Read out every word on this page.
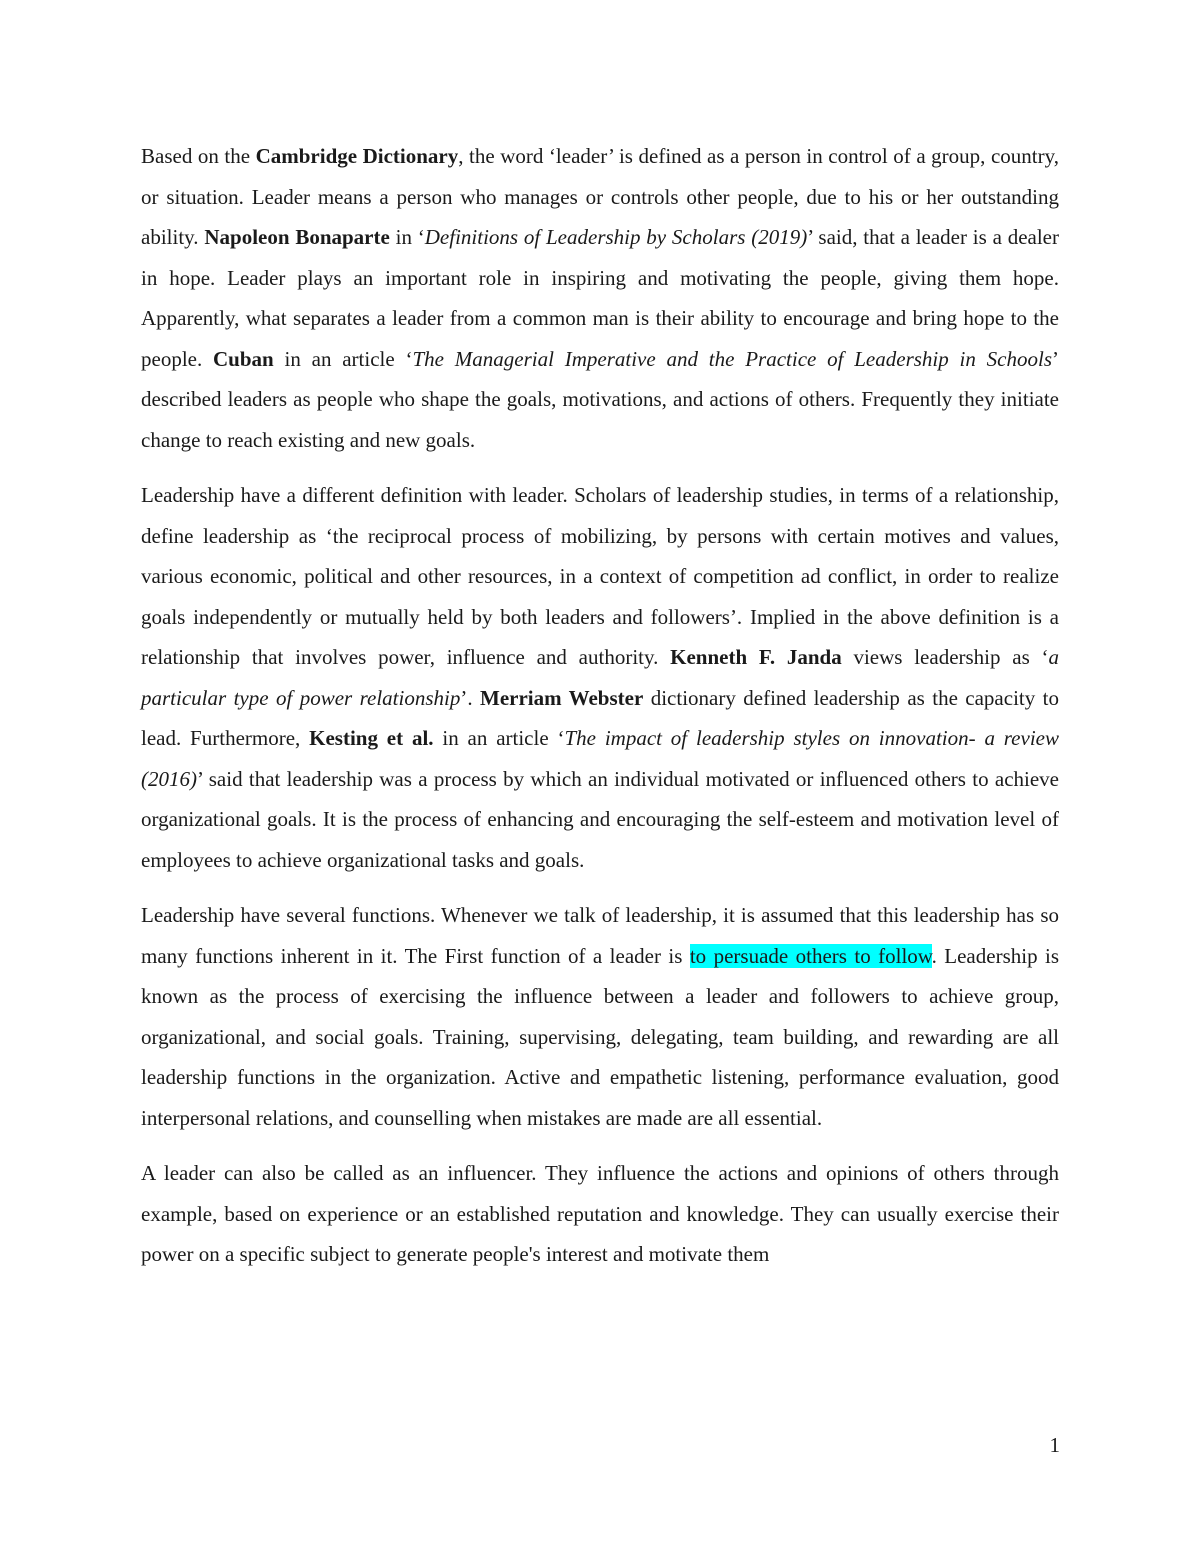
Based on the Cambridge Dictionary, the word ‘leader’ is defined as a person in control of a group, country, or situation. Leader means a person who manages or controls other people, due to his or her outstanding ability. Napoleon Bonaparte in ‘Definitions of Leadership by Scholars (2019)’ said, that a leader is a dealer in hope. Leader plays an important role in inspiring and motivating the people, giving them hope. Apparently, what separates a leader from a common man is their ability to encourage and bring hope to the people. Cuban in an article ‘The Managerial Imperative and the Practice of Leadership in Schools’ described leaders as people who shape the goals, motivations, and actions of others. Frequently they initiate change to reach existing and new goals.

Leadership have a different definition with leader. Scholars of leadership studies, in terms of a relationship, define leadership as ‘the reciprocal process of mobilizing, by persons with certain motives and values, various economic, political and other resources, in a context of competition ad conflict, in order to realize goals independently or mutually held by both leaders and followers’. Implied in the above definition is a relationship that involves power, influence and authority. Kenneth F. Janda views leadership as ‘a particular type of power relationship’. Merriam Webster dictionary defined leadership as the capacity to lead. Furthermore, Kesting et al. in an article ‘The impact of leadership styles on innovation- a review (2016)’ said that leadership was a process by which an individual motivated or influenced others to achieve organizational goals. It is the process of enhancing and encouraging the self-esteem and motivation level of employees to achieve organizational tasks and goals.

Leadership have several functions. Whenever we talk of leadership, it is assumed that this leadership has so many functions inherent in it. The First function of a leader is to persuade others to follow. Leadership is known as the process of exercising the influence between a leader and followers to achieve group, organizational, and social goals. Training, supervising, delegating, team building, and rewarding are all leadership functions in the organization. Active and empathetic listening, performance evaluation, good interpersonal relations, and counselling when mistakes are made are all essential.

A leader can also be called as an influencer. They influence the actions and opinions of others through example, based on experience or an established reputation and knowledge. They can usually exercise their power on a specific subject to generate people's interest and motivate them

1
